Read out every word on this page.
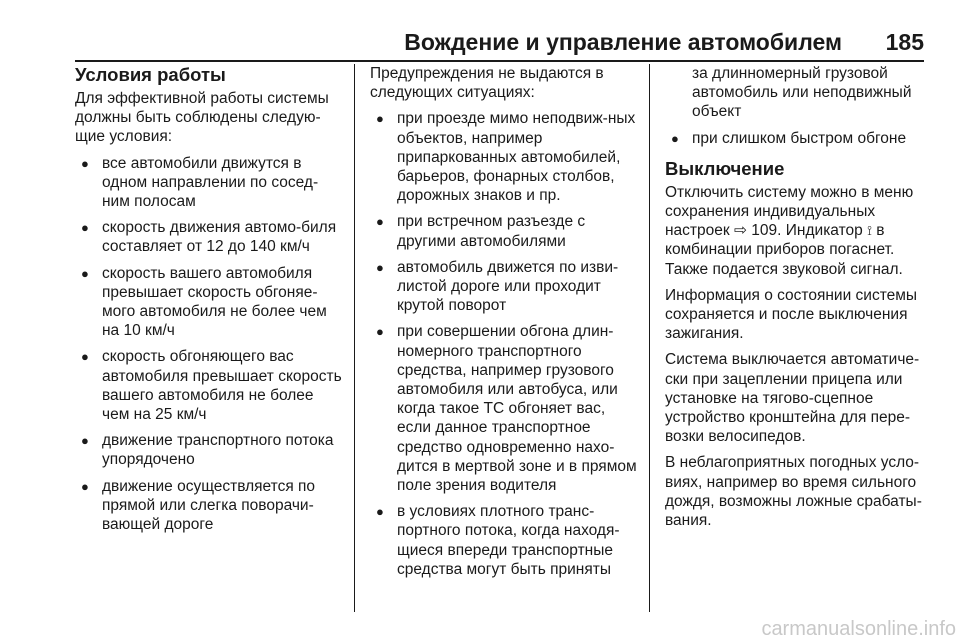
Вождение и управление автомобилем 185
Условия работы

Для эффективной работы системы должны быть соблюдены следую-щие условия:

● все автомобили движутся в одном направлении по сосед-ним полосам
● скорость движения автомо-биля составляет от 12 до 140 км/ч
● скорость вашего автомобиля превышает скорость обгоняе-мого автомобиля не более чем на 10 км/ч
● скорость обгоняющего вас автомобиля превышает скорость вашего автомобиля не более чем на 25 км/ч
● движение транспортного потока упорядочено
● движение осуществляется по прямой или слегка поворачи-вающей дороге

Предупреждения не выдаются в следующих ситуациях:

● при проезде мимо неподвиж-ных объектов, например припаркованных автомобилей, барьеров, фонарных столбов, дорожных знаков и пр.
● при встречном разъезде с другими автомобилями
● автомобиль движется по изви-листой дороге или проходит крутой поворот
● при совершении обгона длин-номерного транспортного средства, например грузового автомобиля или автобуса, или когда такое ТС обгоняет вас, если данное транспортное средство одновременно нахо-дится в мертвой зоне и в прямом поле зрения водителя
● в условиях плотного транс-портного потока, когда находя-щиеся впереди транспортные средства могут быть приняты
за длинномерный грузовой автомобиль или неподвижный объект
● при слишком быстром обгоне
Выключение

Отключить систему можно в меню сохранения индивидуальных настроек ⇨ 109. Индикатор ⟟ в комбинации приборов погаснет. Также подается звуковой сигнал.

Информация о состоянии системы сохраняется и после выключения зажигания.

Система выключается автоматиче-ски при зацеплении прицепа или установке на тягово-сцепное устройство кронштейна для пере-возки велосипедов.

В неблагоприятных погодных усло-виях, например во время сильного дождя, возможны ложные срабаты-вания.

carmanualsonline.info
